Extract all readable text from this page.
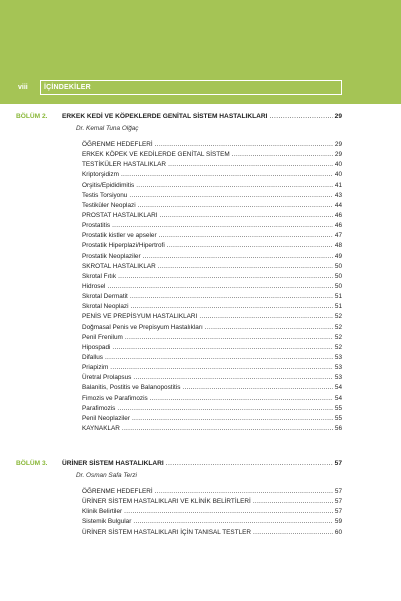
viii	İÇİNDEKİLER
BÖLÜM 2. ERKEK KEDİ VE KÖPEKLERDE GENİTAL SİSTEM HASTALIKLARI .....	29
Dr. Kemal Tuna Olğaç
ÖĞRENME HEDEFLERİ .....	29
ERKEK KÖPEK VE KEDİLERDE GENİTAL SİSTEM .....	29
TESTİKÜLER HASTALIKLAR .....	40
Kriptorşidizm .....	40
Orşitis/Epididimitis .....	41
Testis Torsiyonu .....	43
Testiküler Neoplazi .....	44
PROSTAT HASTALIKLARI .....	46
Prostatitis .....	46
Prostatik kistler ve apseler .....	47
Prostatik Hiperplazi/Hipertrofi .....	48
Prostatik Neoplaziler .....	49
SKROTAL HASTALIKLAR .....	50
Skrotal Fıtık .....	50
Hidrosel .....	50
Skrotal Dermatit .....	51
Skrotal Neoplazi .....	51
PENİS VE PREPİSYUM HASTALIKLARI .....	52
Doğmasal Penis ve Prepisyum Hastalıkları .....	52
Penil Frenilum .....	52
Hipospadi .....	52
Difallus .....	53
Priapizim .....	53
Üretral Prolapsus .....	53
Balanitis, Postitis ve Balanopostitis .....	54
Fimozis ve Parafimozis .....	54
Parafimozis .....	55
Penil Neoplaziler .....	55
KAYNAKLAR .....	56
BÖLÜM 3. ÜRİNER SİSTEM HASTALIKLARI .....	57
Dr. Osman Safa Terzi
ÖĞRENME HEDEFLERİ .....	57
ÜRİNER SİSTEM HASTALIKLARI VE KLİNİK BELİRTİLERİ .....	57
Klinik Belirtiler .....	57
Sistemik Bulgular .....	59
ÜRİNER SİSTEM HASTALIKLARI İÇİN TANISAL TESTLER .....	60
